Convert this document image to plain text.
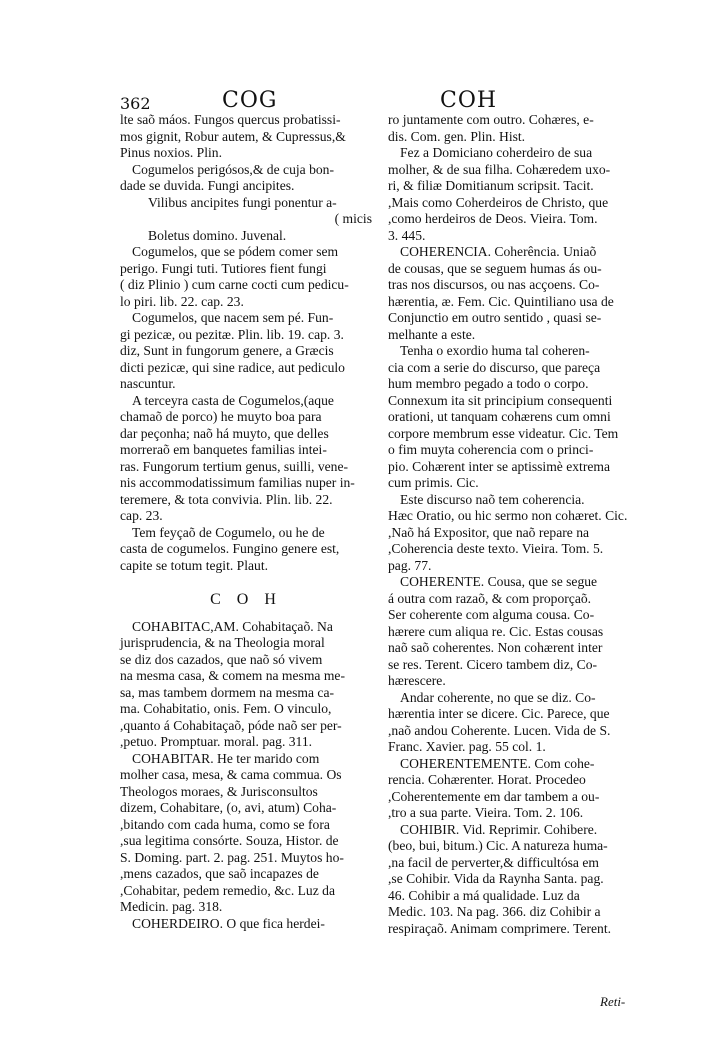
362	COG	COH

lte saõ máos. Fungos quercus probatissi-

mos gignit, Robur autem, & Cupressus,&

Pinus noxios. Plin.

Cogumelos perigósos,& de cuja bon-

dade se duvida. Fungi ancipites.

Vilibus ancipites fungi ponentur a-

( micis

Boletus domino. Juvenal.

Cogumelos, que se pódem comer sem

perigo. Fungi tuti. Tutiores fient fungi

( diz Plinio ) cum carne cocti cum pedicu-

lo piri. lib. 22. cap. 23.

Cogumelos, que nacem sem pé. Fun-

gi pezicæ, ou pezitæ. Plin. lib. 19. cap. 3.

diz, Sunt in fungorum genere, a Græcis

dicti pezicæ, qui sine radice, aut pediculo

nascuntur.

A terceyra casta de Cogumelos,(aque

chamaõ de porco) he muyto boa para

dar peçonha; naõ há muyto, que delles

morreraõ em banquetes familias intei-

ras. Fungorum tertium genus, suilli, vene-

nis accommodatissimum familias nuper in-

teremere, & tota convivia. Plin. lib. 22.

cap. 23.

Tem feyçaõ de Cogumelo, ou he de

casta de cogumelos. Fungino genere est,

capite se totum tegit. Plaut.

C O H

COHABITAC,AM. Cohabitaçaõ. Na

jurisprudencia, & na Theologia moral

se diz dos cazados, que naõ só vivem

na mesma casa, & comem na mesma me-

sa, mas tambem dormem na mesma ca-

ma. Cohabitatio, onis. Fem. O vinculo,

,quanto á Cohabitaçaõ, póde naõ ser per-

,petuo. Promptuar. moral. pag. 311.

COHABITAR. He ter marido com

molher casa, mesa, & cama commua. Os

Theologos moraes, & Jurisconsultos

dizem, Cohabitare, (o, avi, atum) Coha-

,bitando com cada huma, como se fora

,sua legitima consórte. Souza, Histor. de

S. Doming. part. 2. pag. 251. Muytos ho-

,mens cazados, que saõ incapazes de

,Cohabitar, pedem remedio, &c. Luz da

Medicin. pag. 318.

COHERDEIRO. O que fica herdei-

ro juntamente com outro. Cohæres, e-

dis. Com. gen. Plin. Hist.

Fez a Domiciano coherdeiro de sua

molher, & de sua filha. Cohæredem uxo-

ri, & filiæ Domitianum scripsit. Tacit.

,Mais como Coherdeiros de Christo, que

,como herdeiros de Deos. Vieira. Tom.

3. 445.

COHERENCIA. Coherência. Uniaõ

de cousas, que se seguem humas ás ou-

tras nos discursos, ou nas acçoens. Co-

hærentia, æ. Fem. Cic. Quintiliano usa de

Conjunctio em outro sentido , quasi se-

melhante a este.

Tenha o exordio huma tal coheren-

cia com a serie do discurso, que pareça

hum membro pegado a todo o corpo.

Connexum ita sit principium consequenti

orationi, ut tanquam cohærens cum omni

corpore membrum esse videatur. Cic. Tem

o fim muyta coherencia com o princi-

pio. Cohærent inter se aptissimè extrema

cum primis. Cic.

Este discurso naõ tem coherencia.

Hæc Oratio, ou hic sermo non cohæret. Cic.

,Naõ há Expositor, que naõ repare na

,Coherencia deste texto. Vieira. Tom. 5.

pag. 77.

COHERENTE. Cousa, que se segue

á outra com razaõ, & com proporçaõ.

Ser coherente com alguma cousa. Co-

hærere cum aliqua re. Cic. Estas cousas

naõ saõ coherentes. Non cohærent inter

se res. Terent. Cicero tambem diz, Co-

hærescere.

Andar coherente, no que se diz. Co-

hærentia inter se dicere. Cic. Parece, que

,naõ andou Coherente. Lucen. Vida de S.

Franc. Xavier. pag. 55 col. 1.

COHERENTEMENTE. Com cohe-

rencia. Cohærenter. Horat. Procedeo

,Coherentemente em dar tambem a ou-

,tro a sua parte. Vieira. Tom. 2. 106.

COHIBIR. Vid. Reprimir. Cohibere.

(beo, bui, bitum.) Cic. A natureza huma-

,na facil de perverter,& difficultósa em

,se Cohibir. Vida da Raynha Santa. pag.

46. Cohibir a má qualidade. Luz da

Medic. 103. Na pag. 366. diz Cohibir a

respiraçaõ. Animam comprimere. Terent.

Reti-
